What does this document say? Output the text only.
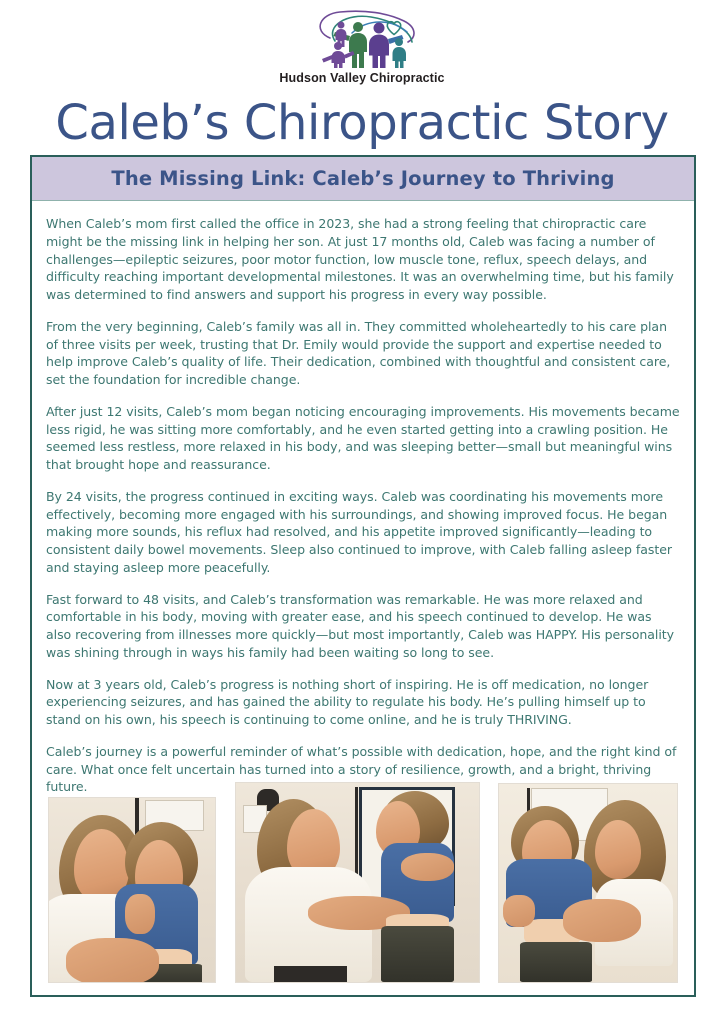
Hudson Valley Chiropractic
Caleb’s Chiropractic Story
The Missing Link: Caleb’s Journey to Thriving

When Caleb’s mom first called the office in 2023, she had a strong feeling that chiropractic care might be the missing link in helping her son. At just 17 months old, Caleb was facing a number of challenges—epileptic seizures, poor motor function, low muscle tone, reflux, speech delays, and difficulty reaching important developmental milestones. It was an overwhelming time, but his family was determined to find answers and support his progress in every way possible.

From the very beginning, Caleb’s family was all in. They committed wholeheartedly to his care plan of three visits per week, trusting that Dr. Emily would provide the support and expertise needed to help improve Caleb’s quality of life. Their dedication, combined with thoughtful and consistent care, set the foundation for incredible change.

After just 12 visits, Caleb’s mom began noticing encouraging improvements. His movements became less rigid, he was sitting more comfortably, and he even started getting into a crawling position. He seemed less restless, more relaxed in his body, and was sleeping better—small but meaningful wins that brought hope and reassurance.

By 24 visits, the progress continued in exciting ways. Caleb was coordinating his movements more effectively, becoming more engaged with his surroundings, and showing improved focus. He began making more sounds, his reflux had resolved, and his appetite improved significantly—leading to consistent daily bowel movements. Sleep also continued to improve, with Caleb falling asleep faster and staying asleep more peacefully.

Fast forward to 48 visits, and Caleb’s transformation was remarkable. He was more relaxed and comfortable in his body, moving with greater ease, and his speech continued to develop. He was also recovering from illnesses more quickly—but most importantly, Caleb was HAPPY. His personality was shining through in ways his family had been waiting so long to see.

Now at 3 years old, Caleb’s progress is nothing short of inspiring. He is off medication, no longer experiencing seizures, and has gained the ability to regulate his body. He’s pulling himself up to stand on his own, his speech is continuing to come online, and he is truly THRIVING.

Caleb’s journey is a powerful reminder of what’s possible with dedication, hope, and the right kind of care. What once felt uncertain has turned into a story of resilience, growth, and a bright, thriving future.
